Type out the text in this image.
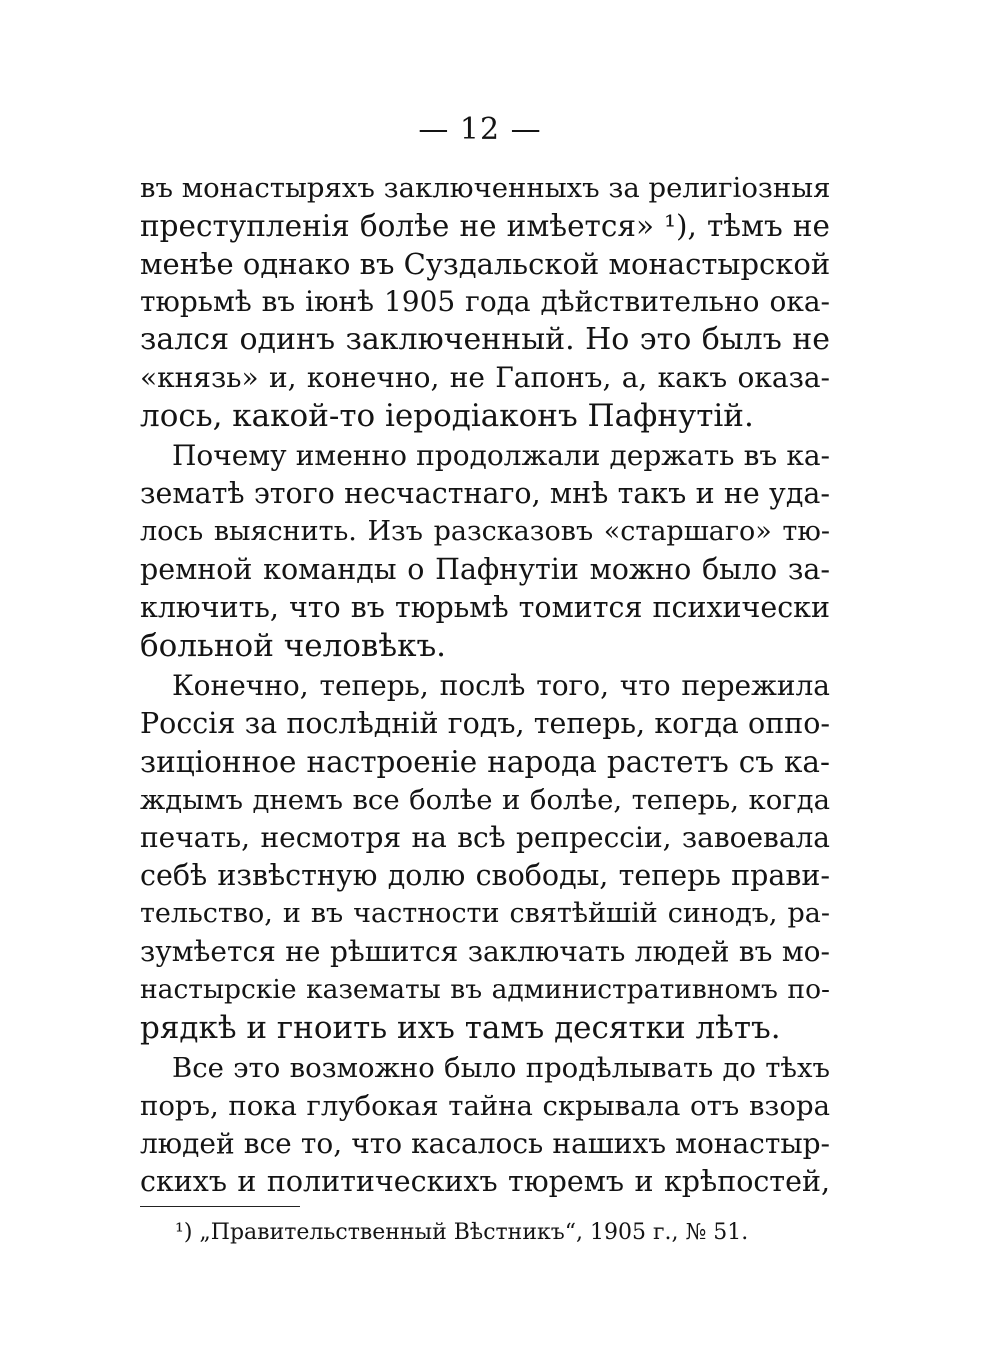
— 12 —
въ монастыряхъ заключенныхъ за религіозныя
преступленія болѣе не имѣется» ¹), тѣмъ не
менѣе однако въ Суздальской монастырской
тюрьмѣ въ іюнѣ 1905 года дѣйствительно ока-
зался одинъ заключенный. Но это былъ не
«князь» и, конечно, не Гапонъ, а, какъ оказа-
лось, какой-то іеродіаконъ Пафнутій.
Почему именно продолжали держать въ ка-
зематѣ этого несчастнаго, мнѣ такъ и не уда-
лось выяснить. Изъ разсказовъ «старшаго» тю-
ремной команды о Пафнутіи можно было за-
ключить, что въ тюрьмѣ томится психически
больной человѣкъ.
Конечно, теперь, послѣ того, что пережила
Россія за послѣдній годъ, теперь, когда оппо-
зиціонное настроеніе народа растетъ съ ка-
ждымъ днемъ все болѣе и болѣе, теперь, когда
печать, несмотря на всѣ репрессіи, завоевала
себѣ извѣстную долю свободы, теперь прави-
тельство, и въ частности святѣйшій синодъ, ра-
зумѣется не рѣшится заключать людей въ мо-
настырскіе казематы въ административномъ по-
рядкѣ и гноить ихъ тамъ десятки лѣтъ.
Все это возможно было продѣлывать до тѣхъ
поръ, пока глубокая тайна скрывала отъ взора
людей все то, что касалось нашихъ монастыр-
скихъ и политическихъ тюремъ и крѣпостей,
¹) „Правительственный Вѣстникъ“, 1905 г., № 51.
